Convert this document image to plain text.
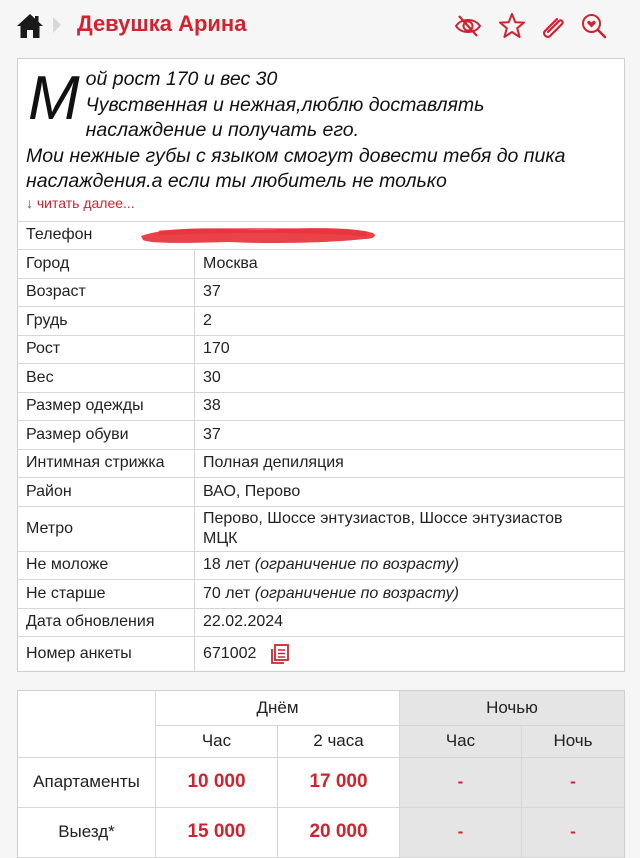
Девушка Арина
М ой рост 170 и вес 30
Чувственная и нежная,люблю доставлять
наслаждение и получать его.
Мои нежные губы с языком смогут довести тебя до пика
наслаждения.а если ты любитель не только
↓ читать далее...
Телефон	
Город	Москва
Возраст	37
Грудь	2
Рост	170
Вес	30
Размер одежды	38
Размер обуви	37
Интимная стрижка	Полная депиляция
Район	ВАО, Перово
Метро	Перово, Шоссе энтузиастов, Шоссе энтузиастов
МЦК

Не моложе	18 лет (ограничение по возрасту)
Не старше	70 лет (ограничение по возрасту)
Дата обновления	22.02.2024
Номер анкеты	671002
	Днём		Ночью	
	Час	2 часа	Час	Ночь
Апартаменты	10 000	17 000	-	-
Выезд*	15 000	20 000	-	-
